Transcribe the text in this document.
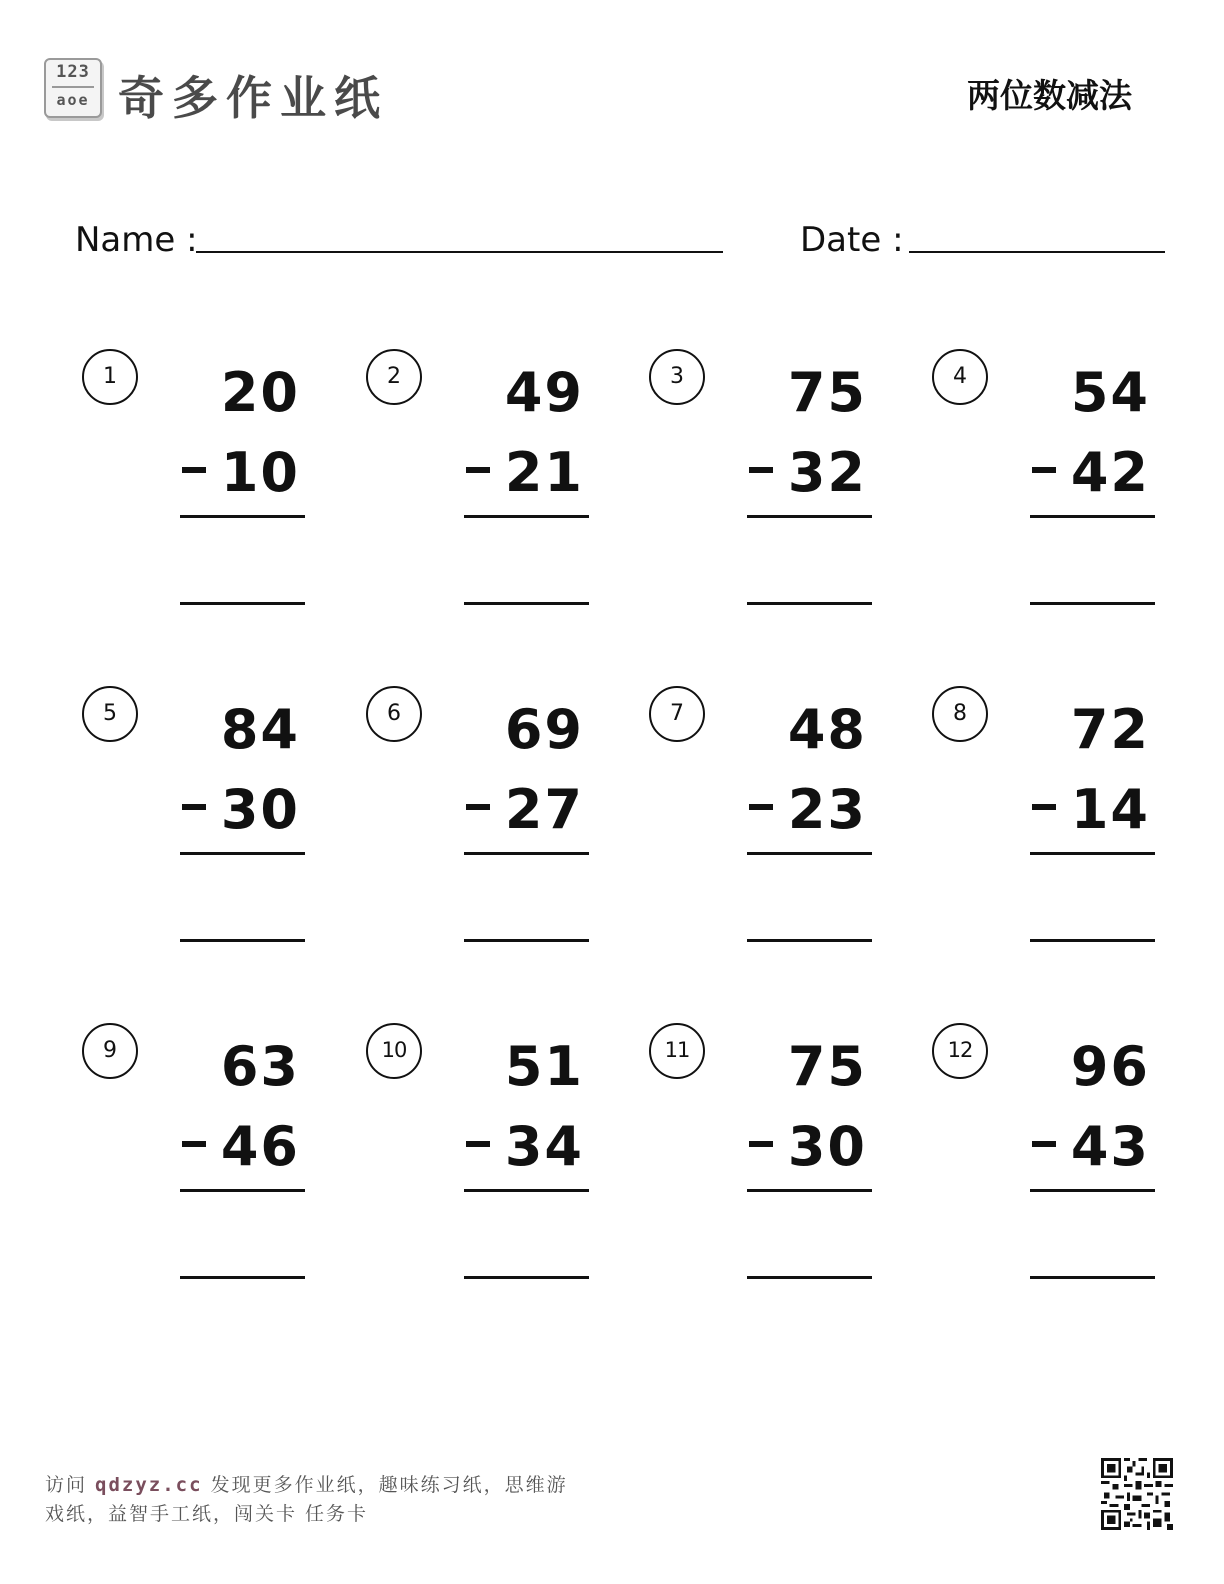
123
aoe 奇多作业纸	两位数减法
Name :	Date :
1	20
10
2	49
21
3	75
32
4	54
42
5	84
30
6	69
27
7	48
23
8	72
14
9	63
46
10	51
34
11	75
30
12	96
43
访问 qdzyz.cc 发现更多作业纸，趣味练习纸，思维游
戏纸，益智手工纸，闯关卡 任务卡
